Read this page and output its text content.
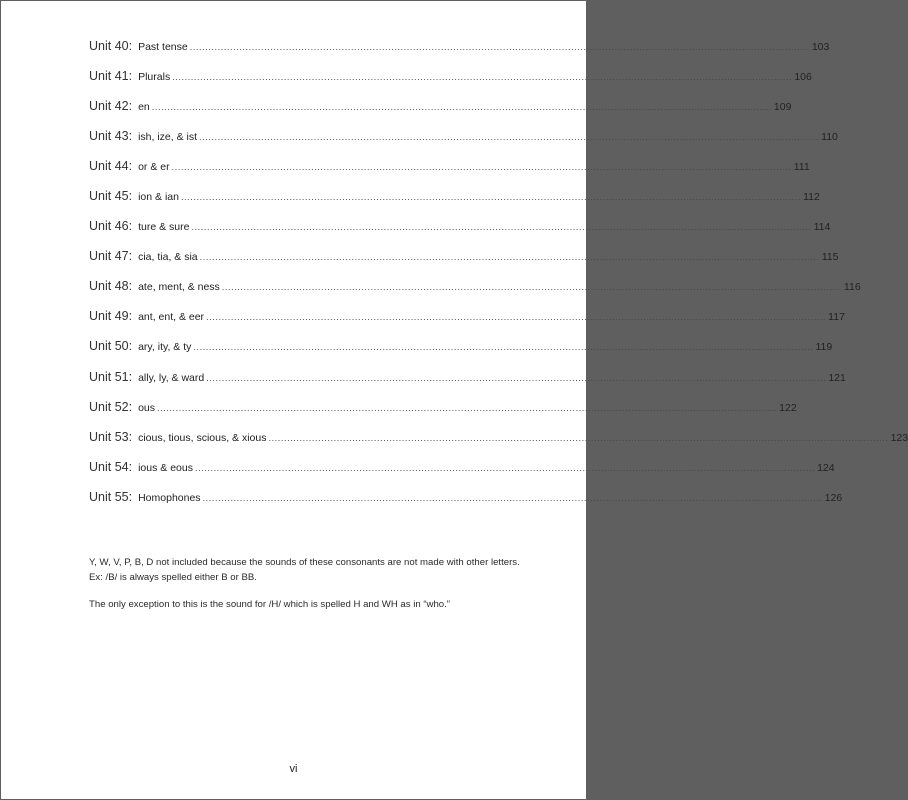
Unit 40: Past tense ........................................................................................................................................................................................................ 103
Unit 41: Plurals ........................................................................................................................................................................................................ 106
Unit 42: en ........................................................................................................................................................................................................ 109
Unit 43: ish, ize, & ist ........................................................................................................................................................................................................ 110
Unit 44: or & er ........................................................................................................................................................................................................ 111
Unit 45: ion & ian ........................................................................................................................................................................................................ 112
Unit 46: ture & sure ........................................................................................................................................................................................................ 114
Unit 47: cia, tia, & sia ........................................................................................................................................................................................................ 115
Unit 48: ate, ment, & ness ........................................................................................................................................................................................................ 116
Unit 49: ant, ent, & eer ........................................................................................................................................................................................................ 117
Unit 50: ary, ity, & ty ........................................................................................................................................................................................................ 119
Unit 51: ally, ly, & ward ........................................................................................................................................................................................................ 121
Unit 52: ous ........................................................................................................................................................................................................ 122
Unit 53: cious, tious, scious, & xious ........................................................................................................................................................................................................ 123
Unit 54: ious & eous ........................................................................................................................................................................................................ 124
Unit 55: Homophones ........................................................................................................................................................................................................ 126

Y, W, V, P, B, D not included because the sounds of these consonants are not made with other letters.
Ex: /B/ is always spelled either B or BB.

The only exception to this is the sound for /H/ which is spelled H and WH as in “who.”

vi
